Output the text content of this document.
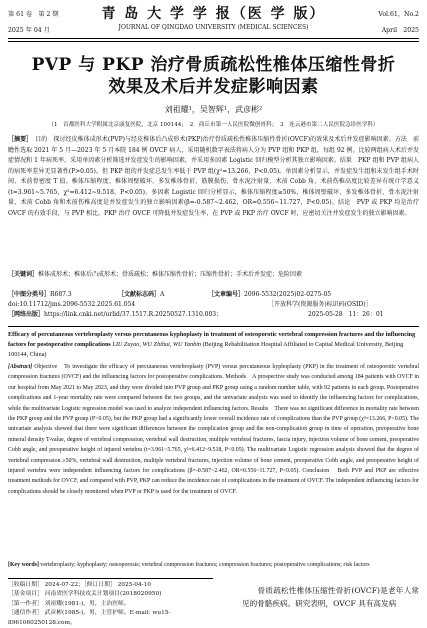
第 61 卷　第 2 期
2025 年 04 月
青 岛 大 学 学 报（医 学 版）
JOURNAL OF QINGDAO UNIVERSITY (MEDICAL SCIENCES)
Vol.61，No.2
April　2025
PVP 与 PKP 治疗骨质疏松性椎体压缩性骨折
效果及术后并发症影响因素
刘祖耀¹，吴智辉¹，武彦彬²
（1　首都医科大学附属北京康复医院，北京 100144；　2　商丘市第一人民医院微创骨科；　3　连云港市第二人民医院急诊医学科）
［摘要］　目的　探讨经皮椎体成形术(PVP)与经皮椎体后凸成形术(PKP)治疗骨质疏松性椎体压缩性骨折(OVCF)的效果及术后并发症影响因素。方法　前瞻性选取 2021 年 5 月—2023 年 5 月本院 184 例 OVCF 病人，采用随机数字表法将病人分为 PVP 组和 PKP 组，每组 92 例。比较两组病人术后并发症情况和 1 年病死率，采用单因素分析筛选并发症发生的影响因素，并采用多因素 Logistic 回归模型分析其独立影响因素。结果　PKP 组和 PVP 组病人的病死率差异无显著性(P>0.05)，但 PKP 组的并发症总发生率低于 PVP 组(χ²=13.266，P<0.05)。单因素分析显示，并发症发生组和未发生组手术时间、术前骨密度 T 值、椎体压缩程度、椎体周壁破坏、多发椎体骨折、筋膜损伤、骨水泥注射量、术前 Cobb 角、术前伤椎高度比较差异有统计学意义(t=3.961~5.765，χ²=6.412~9.518，P<0.05)。多因素 Logistic 回归分析显示，椎体压缩程度≥50%、椎体周壁破坏、多发椎体骨折、骨水泥注射量、术前 Cobb 角和术前伤椎高度是并发症发生的独立影响因素(β=-0.587~2.462，OR=0.556~11.727，P<0.05)。结论　PVP 或 PKP 均是治疗 OVCF 的有效手段，与 PVP 相比，PKP 治疗 OVCF 可降低并发症发生率，在 PVP 或 PKP 治疗 OVCF 时，应密切关注并发症发生的独立影响因素。
［关键词］椎体成形术；椎体后凸成形术；骨质疏松；椎体压缩性骨折；压缩性骨折；手术后并发症；危险因素
［中图分类号］ R687.3	［文献标志码］ A	［文章编号］ 2096-5532(2025)02-0275-05
doi:10.11712/jms.2096-5532.2025.61.054	［开放科学(资源服务)标识码(OSID)］
［网络出版］ https://link.cnki.net/urlid/37.1517.R.20250527.1310.003；	2025-05-28　11：26：01
Efficacy of percutaneous vertebroplasty versus percutaneous kyphoplasty in treatment of osteoporotic vertebral compression fractures and the influencing factors for postoperative complications LIU Zuyao, WU Zhihui, WU Yanbin (Beijing Rehabilitation Hospital Affiliated to Capital Medical University, Beijing 100144, China)
[Abstract] Objective　To investigate the efficacy of percutaneous vertebroplasty (PVP) versus percutaneous kyphoplasty (PKP) in the treatment of osteoporotic vertebral compression fractures (OVCF) and the influencing factors for postoperative complications. Methods　A prospective study was conducted among 184 patients with OVCF in our hospital from May 2021 to May 2023, and they were divided into PVP group and PKP group using a random number table, with 92 patients in each group. Postoperative complications and 1-year mortality rate were compared between the two groups, and the univariate analysis was used to identify the influencing factors for complications, while the multivariate Logistic regression model was used to analyze independent influencing factors. Results　There was no significant difference in mortality rate between the PKP group and the PVP group (P>0.05), but the PKP group had a significantly lower overall incidence rate of complications than the PVP group (χ²=13.266, P<0.05). The univariate analysis showed that there were significant differences between the complication group and the non-complication group in time of operation, preoperative bone mineral density T-value, degree of vertebral compression, vertebral wall destruction, multiple vertebral fractures, fascia injury, injection volume of bone cement, preoperative Cobb angle, and preoperative height of injured vertebra (t=3.961~5.765, χ²=6.412~9.518, P<0.05). The multivariate Logistic regression analysis showed that the degree of vertebral compression ≥50%, vertebral wall destruction, multiple vertebral fractures, injection volume of bone cement, preoperative Cobb angle, and preoperative height of injured vertebra were independent influencing factors for complications (β=-0.587~2.462, OR=0.556~11.727, P<0.05). Conclusion　Both PVP and PKP are effective treatment methods for OVCF, and compared with PVP, PKP can reduce the incidence rate of complications in the treatment of OVCF. The independent influencing factors for complications should be closely monitored when PVP or PKP is used for the treatment of OVCF.
[Key words] vertebroplasty; kyphoplasty; osteoporosis; vertebral compression fractures; compression fractures; postoperative complications; risk factors
［收稿日期］ 2024-07-22；［修订日期］ 2025-04-10
［基金项目］ 河南省医学科技攻关计划项目(2018020950)
［第一作者］ 刘祖耀(1981-)，男，主治医师。
［通信作者］ 武彦彬(1985-)，男，主管护师。E-mail: wu15-8961060250128.com。
　　骨质疏松性椎体压缩性骨折(OVCF)是老年人常见的骨骼疾病。研究表明，OVCF 具有高发病
